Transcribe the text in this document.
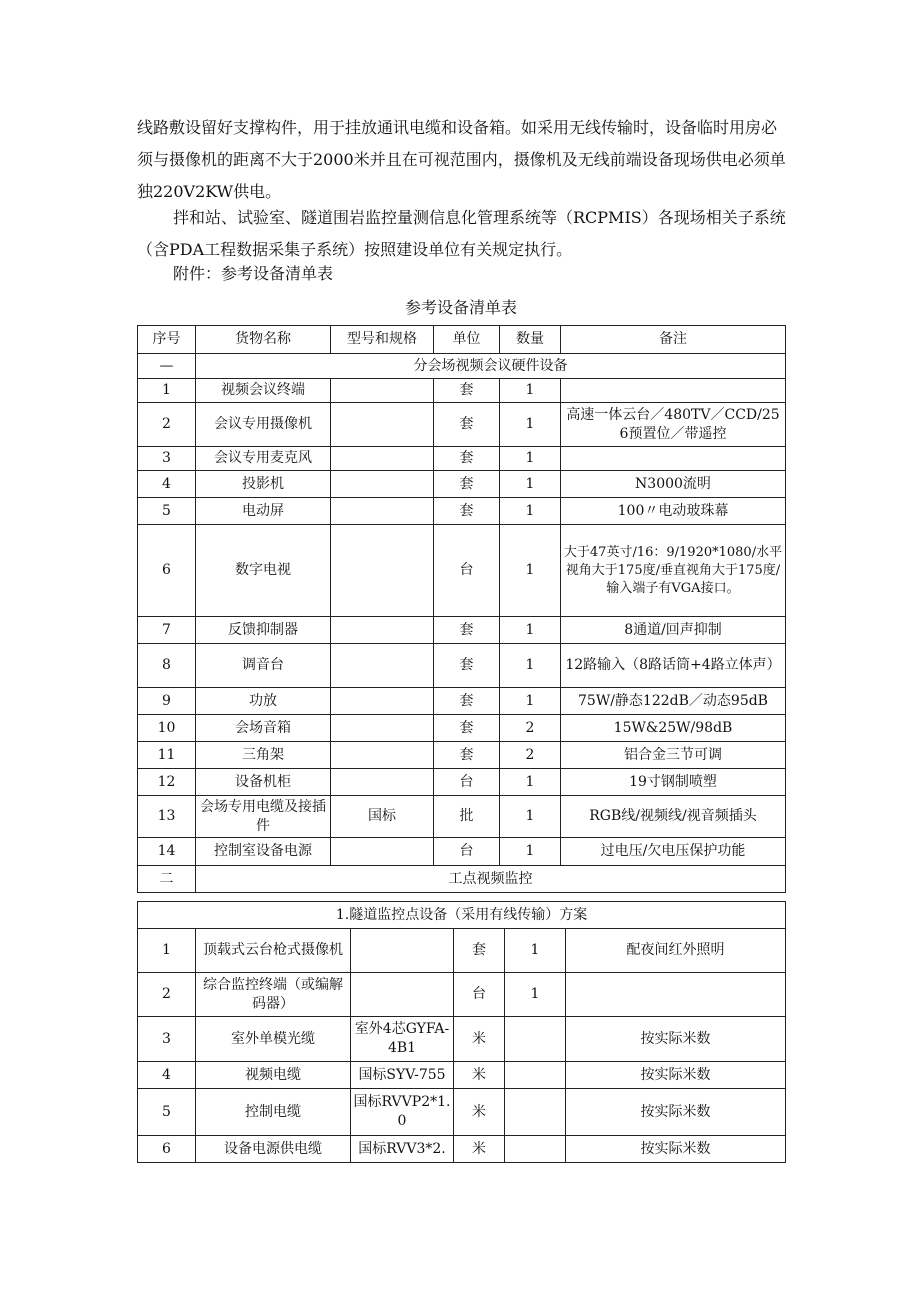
线路敷设留好支撑构件，用于挂放通讯电缆和设备箱。如采用无线传输时，设备临时用房必须与摄像机的距离不大于2000米并且在可视范围内，摄像机及无线前端设备现场供电必须单独220V2KW供电。

拌和站、试验室、隧道围岩监控量测信息化管理系统等（RCPMIS）各现场相关子系统（含PDA工程数据采集子系统）按照建设单位有关规定执行。

附件：参考设备清单表

参考设备清单表
序号	货物名称	型号和规格	单位	数量	备注
—	分会场视频会议硬件设备				
1	视频会议终端		套	1	
2	会议专用摄像机		套	1	高速一体云台／480TV／CCD/256预置位／带遥控
3	会议专用麦克风		套	1	
4	投影机		套	1	N3000流明
5	电动屏		套	1	100〃电动玻珠幕
6	数字电视		台	1	大于47英寸/16：9/1920*1080/水平视角大于175度/垂直视角大于175度/输入端子有VGA接口。
7	反馈抑制器		套	1	8通道/回声抑制
8	调音台		套	1	12路输入（8路话筒+4路立体声）
9	功放		套	1	75W/静态122dB／动态95dB
10	会场音箱		套	2	15W&25W/98dB
11	三角架		套	2	铝合金三节可调
12	设备机柜		台	1	19寸钢制喷塑
13	会场专用电缆及接插件	国标	批	1	RGB线/视频线/视音频插头
14	控制室设备电源		台	1	过电压/欠电压保护功能
二	工点视频监控				
1.隧道监控点设备（采用有线传输）方案					
1	顶载式云台枪式摄像机		套	1	配夜间红外照明
2	综合监控终端（或编解码器）		台	1	
3	室外单模光缆	室外4芯GYFA-4B1	米		按实际米数
4	视频电缆	国标SYV-755	米		按实际米数
5	控制电缆	国标RVVP2*1.0	米		按实际米数
6	设备电源供电缆	国标RVV3*2.	米		按实际米数
